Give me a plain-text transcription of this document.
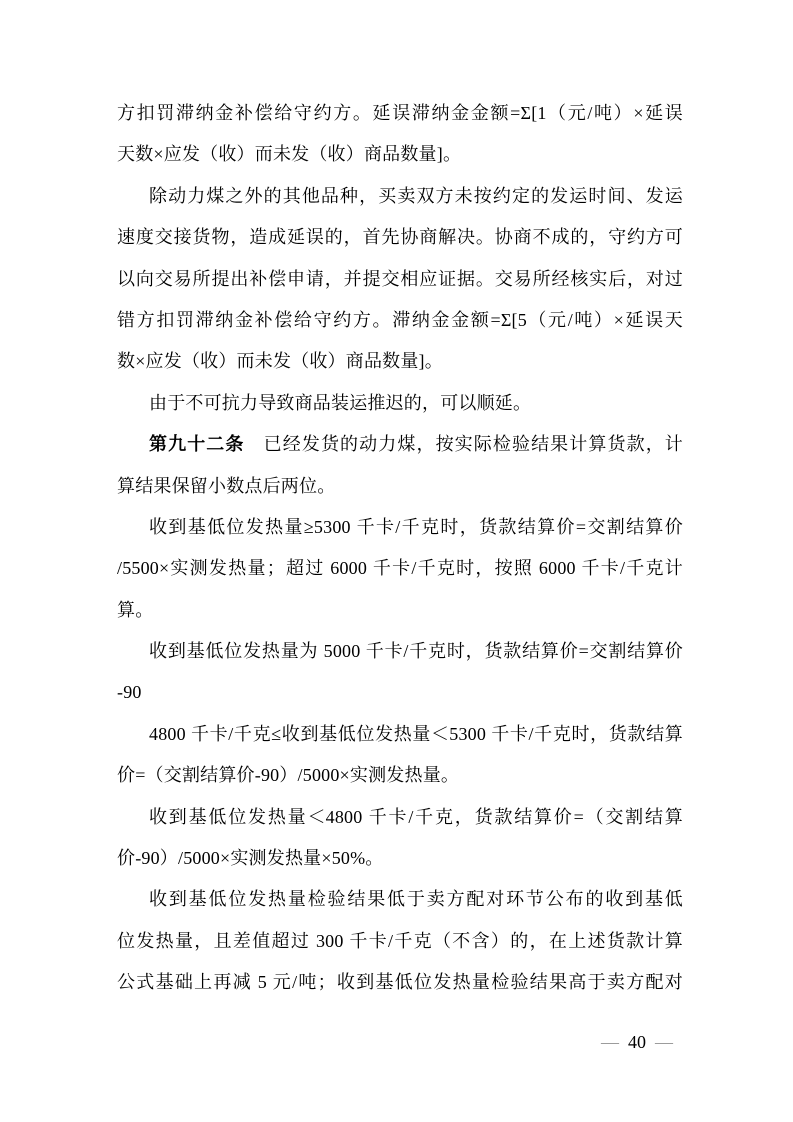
方扣罚滞纳金补偿给守约方。延误滞纳金金额=Σ[1（元/吨）×延误
天数×应发（收）而未发（收）商品数量]。
除动力煤之外的其他品种，买卖双方未按约定的发运时间、发运
速度交接货物，造成延误的，首先协商解决。协商不成的，守约方可
以向交易所提出补偿申请，并提交相应证据。交易所经核实后，对过
错方扣罚滞纳金补偿给守约方。滞纳金金额=Σ[5（元/吨）×延误天
数×应发（收）而未发（收）商品数量]。
由于不可抗力导致商品装运推迟的，可以顺延。
第九十二条　已经发货的动力煤，按实际检验结果计算货款，计
算结果保留小数点后两位。
收到基低位发热量≥5300 千卡/千克时，货款结算价=交割结算价
/5500×实测发热量；超过 6000 千卡/千克时，按照 6000 千卡/千克计
算。
收到基低位发热量为 5000 千卡/千克时，货款结算价=交割结算价
-90
4800 千卡/千克≤收到基低位发热量＜5300 千卡/千克时，货款结算
价=（交割结算价-90）/5000×实测发热量。
收到基低位发热量＜4800 千卡/千克，货款结算价=（交割结算
价-90）/5000×实测发热量×50%。
收到基低位发热量检验结果低于卖方配对环节公布的收到基低
位发热量，且差值超过 300 千卡/千克（不含）的，在上述货款计算
公式基础上再减 5 元/吨；收到基低位发热量检验结果高于卖方配对
— 40 —
